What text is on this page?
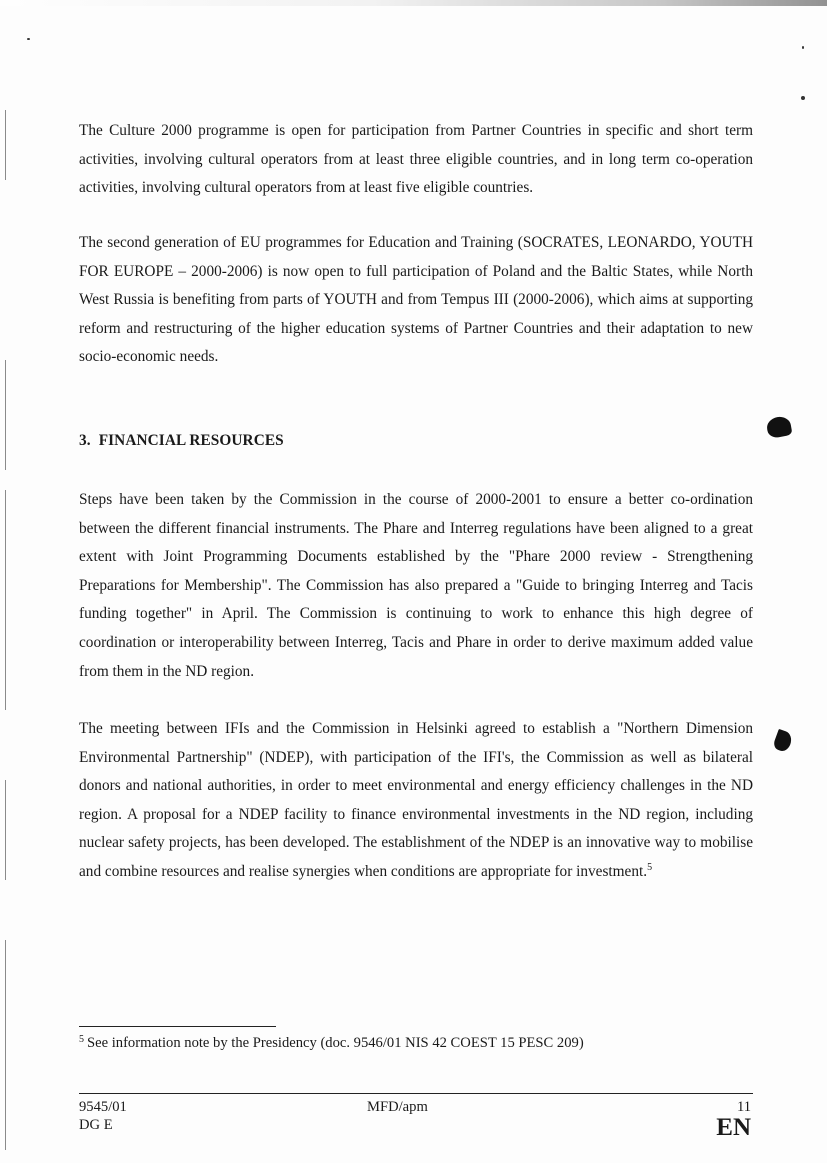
The Culture 2000 programme is open for participation from Partner Countries in specific and short term activities, involving cultural operators from at least three eligible countries, and in long term co-operation activities, involving cultural operators from at least five eligible countries.

The second generation of EU programmes for Education and Training (SOCRATES, LEONARDO, YOUTH FOR EUROPE – 2000-2006) is now open to full participation of Poland and the Baltic States, while North West Russia is benefiting from parts of YOUTH and from Tempus III (2000-2006), which aims at supporting reform and restructuring of the higher education systems of Partner Countries and their adaptation to new socio-economic needs.

3. FINANCIAL RESOURCES

Steps have been taken by the Commission in the course of 2000-2001 to ensure a better co-ordination between the different financial instruments. The Phare and Interreg regulations have been aligned to a great extent with Joint Programming Documents established by the "Phare 2000 review - Strengthening Preparations for Membership". The Commission has also prepared a "Guide to bringing Interreg and Tacis funding together" in April. The Commission is continuing to work to enhance this high degree of coordination or interoperability between Interreg, Tacis and Phare in order to derive maximum added value from them in the ND region.

The meeting between IFIs and the Commission in Helsinki agreed to establish a "Northern Dimension Environmental Partnership" (NDEP), with participation of the IFI's, the Commission as well as bilateral donors and national authorities, in order to meet environmental and energy efficiency challenges in the ND region. A proposal for a NDEP facility to finance environmental investments in the ND region, including nuclear safety projects, has been developed. The establishment of the NDEP is an innovative way to mobilise and combine resources and realise synergies when conditions are appropriate for investment.$^5$

$^5$ See information note by the Presidency (doc. 9546/01 NIS 42 COEST 15 PESC 209)
9545/01
DG E
MFD/apm	11
EN
